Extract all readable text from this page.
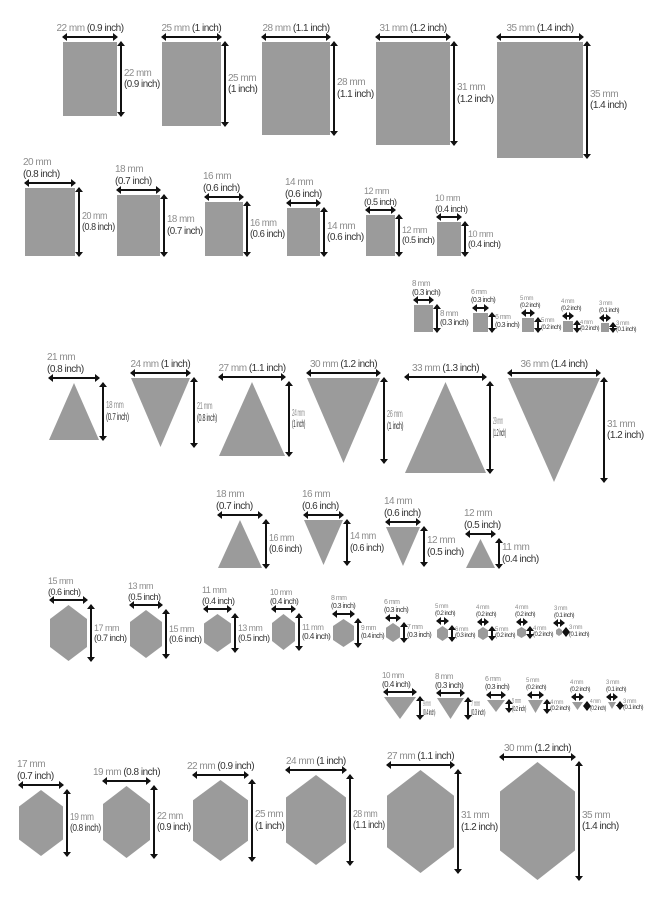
22 mm (0.9 inch)
22 mm
(0.9 inch)
25 mm (1 inch)
25 mm
(1 inch)
28 mm (1.1 inch)
28 mm
(1.1 inch)
31 mm (1.2 inch)
31 mm
(1.2 inch)
35 mm (1.4 inch)
35 mm
(1.4 inch)
20 mm
(0.8 inch)
20 mm
(0.8 inch)
18 mm
(0.7 inch)
18 mm
(0.7 inch)
16 mm
(0.6 inch)
16 mm
(0.6 inch)
14 mm
(0.6 inch)
14 mm
(0.6 inch)
12 mm
(0.5 inch)
12 mm
(0.5 inch)
10 mm
(0.4 inch)
10 mm
(0.4 inch)
8 mm
(0.3 inch)
8 mm
(0.3 inch)
6 mm
(0.3 inch)
6 mm
(0.3 inch)
5 mm
(0.2 inch)
5 mm
(0.2 inch)
4 mm
(0.2 inch)
4 mm
(0.2 inch)
3 mm
(0.1 inch)
3 mm
(0.1 inch)
21 mm
(0.8 inch)
18 mm
(0.7 inch)
24 mm (1 inch)
21 mm
(0.8 inch)
27 mm (1.1 inch)
24 mm
(1 inch)
30 mm (1.2 inch)
26 mm
(1 inch)
33 mm (1.3 inch)
29 mm
(1.2 inch)
36 mm (1.4 inch)
31 mm
(1.2 inch)
18 mm
(0.7 inch)
16 mm
(0.6 inch)
16 mm
(0.6 inch)
14 mm
(0.6 inch)
14 mm
(0.6 inch)
12 mm
(0.5 inch)
12 mm
(0.5 inch)
11 mm
(0.4 inch)
15 mm
(0.6 inch)
17 mm
(0.7 inch)
13 mm
(0.5 inch)
15 mm
(0.6 inch)
11 mm
(0.4 inch)
13 mm
(0.5 inch)
10 mm
(0.4 inch)
11 mm
(0.4 inch)
8 mm
(0.3 inch)
9 mm
(0.4 inch)
6 mm
(0.3 inch)
7 mm
(0.3 inch)
5 mm
(0.2 inch)
6 mm
(0.3 inch)
4 mm
(0.2 inch)
5 mm
(0.2 inch)
4 mm
(0.2 inch)
4 mm
(0.2 inch)
3 mm
(0.1 inch)
3 mm
(0.1 inch)
10 mm
(0.4 inch)
9 mm
(0.4 inch)
8 mm
(0.3 inch)
7 mm
(0.3 inch)
6 mm
(0.3 inch)
5 mm
(0.2 inch)
5 mm
(0.2 inch)
4 mm
(0.2 inch)
4 mm
(0.2 inch)
4 mm
(0.2 inch)
3 mm
(0.1 inch)
3 mm
(0.1 inch)
17 mm
(0.7 inch)
19 mm
(0.8 inch)
19 mm (0.8 inch)
22 mm
(0.9 inch)
22 mm (0.9 inch)
25 mm
(1 inch)
24 mm (1 inch)
28 mm
(1.1 inch)
27 mm (1.1 inch)
31 mm
(1.2 inch)
30 mm (1.2 inch)
35 mm
(1.4 inch)
